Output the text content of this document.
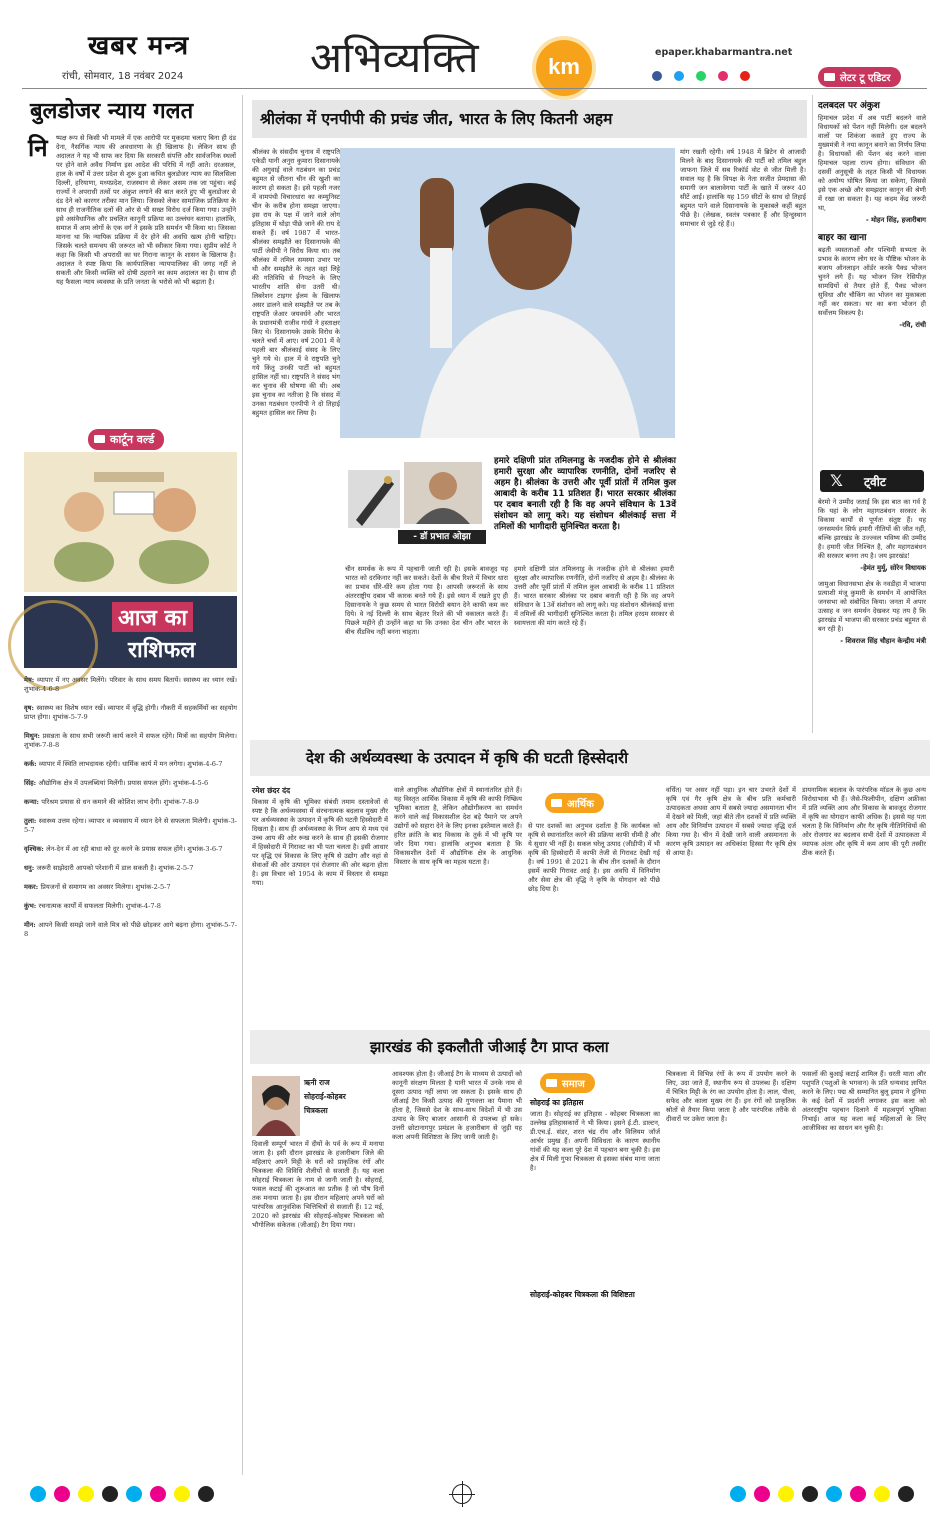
खबर मन्त्र
रांची, सोमवार, 18 नवंबर 2024	अभिव्यक्ति	km
epaper.khabarmantra.net

बुलडोजर न्याय गलत
नि ष्पक्ष रूप से किसी भी मामले में एक आरोपी पर मुकदमा चलाए बिना ही दंड देना, नैसर्गिक न्याय की अवधारणा के ही खिलाफ है। लेकिन साथ ही अदालत ने यह भी साफ कर दिया कि सरकारी संपत्ति और सार्वजनिक स्थलों पर होने वाले अवैध निर्माण इस आदेश की परिधि में नहीं आते। दरअसल, हाल के वर्षों में उत्तर प्रदेश से शुरू हुआ कथित बुलडोजर न्याय का सिलसिला दिल्ली, हरियाणा, मध्यप्रदेश, राजस्थान से लेकर असम तक जा पहुंचा। कई राज्यों ने अपराधी तत्वों पर अंकुश लगाने की बात करते हुए भी बुलडोजर से दंड देने को कारगर तरीका मान लिया। जिसको लेकर सामाजिक प्रतिक्रिया के साथ ही राजनीतिक दलों की ओर से भी सख्त विरोध दर्ज किया गया। उन्होंने इसे असंवैधानिक और प्रचलित कानूनी प्रक्रिया का उल्लंघन बताया। हालांकि, समाज में आम लोगों के एक वर्ग ने इसके प्रति समर्थन भी किया था। जिसका मानना था कि न्यायिक प्रक्रिया में देर होने की अवधि खत्म होनी चाहिए। जिसके चलते समन्वय की जरूरत को भी स्वीकार किया गया। सुप्रीम कोर्ट ने कहा कि किसी भी अपराधी का घर गिराना कानून के शासन के खिलाफ है। अदालत ने स्पष्ट किया कि कार्यपालिका न्यायपालिका की जगह नहीं ले सकती और किसी व्यक्ति को दोषी ठहराने का काम अदालत का है। साथ ही यह फैसला न्याय व्यवस्था के प्रति जनता के भरोसे को भी बढ़ाता है।
कार्टून वर्ल्ड
आज का
राशिफल
मेष: व्यापार में नए अवसर मिलेंगे। परिवार के साथ समय बितायें। स्वास्थ्य का ध्यान रखें। शुभांक-4-6-8
वृष: स्वास्थ्य का विशेष ध्यान रखें। व्यापार में वृद्धि होगी। नौकरी में सहकर्मियों का सहयोग प्राप्त होगा। शुभांक-5-7-9
मिथुन: प्रसन्नता के साथ सभी जरूरी कार्य करने में सफल रहेंगे। मित्रों का सहयोग मिलेगा। शुभांक-7-8-8
कर्क: व्यापार में स्थिति लाभदायक रहेगी। धार्मिक कार्य में मन लगेगा। शुभांक-4-6-7
सिंह: औद्योगिक क्षेत्र में उपलब्धियां मिलेंगी। प्रयास सफल होंगे। शुभांक-4-5-6
कन्या: परिश्रम प्रयास से धन कमाने की कोशिश लाभ देगी। शुभांक-7-8-9
तुला: स्वास्थ्य उत्तम रहेगा। व्यापार व व्यवसाय में ध्यान देने से सफलता मिलेगी। शुभांक-3-5-7
वृश्चिक: लेन-देन में आ रही बाधा को दूर करने के प्रयास सफल होंगे। शुभांक-3-6-7
धनु: जरूरी साझेदारी आपको परेशानी में डाल सकती है। शुभांक-2-5-7
मकर: प्रियजनों से समागम का अवसर मिलेगा। शुभांक-2-5-7
कुंभ: रचनात्मक कार्यों में सफलता मिलेगी। शुभांक-4-7-8
मीन: आपने किसी समझे जाने वाले मित्र को पीछे छोड़कर आगे बढ़ना होगा। शुभांक-5-7-8
श्रीलंका में एनपीपी की प्रचंड जीत, भारत के लिए कितनी अहम
श्रीलंका के संसदीय चुनाव में राष्ट्रपति एकेडी यानी अनुरा कुमारा दिसानायके की अगुवाई वाले गठबंधन का प्रचंड बहुमत से जीतना चीन की खुशी का कारण हो सकता है। इसे पहली नजर में वामपंथी विचारधारा का कम्युनिस्ट चीन के करीब होना समझा जाएगा। इस राय के पक्ष में जाने वाले लोग इतिहास में थोड़ा पीछे जाने की राय दे सकते हैं। वर्ष 1987 में भारत-श्रीलंका समझौते का दिसानायके की पार्टी जेवीपी ने विरोध किया था। तब श्रीलंका में तमिल समस्या उभार पर थी और समझौते के तहत वहां लिट्टे की गतिविधि से निपटने के लिए भारतीय शांति सेना उतरी थी। लिबरेशन टाइगर ईलम के खिलाफ असर डालने वाले समझौते पर तब के राष्ट्रपति जेआर जयवर्धने और भारत के प्रधानमंत्री राजीव गांधी ने हस्ताक्षर किए थे। दिसानायके उसके विरोध के चलते चर्चा में आए। वर्ष 2001 में वे पहली बार श्रीलंकाई संसद के लिए चुने गये थे। हाल में वे राष्ट्रपति चुने गये किंतु उनकी पार्टी को बहुमत हासिल नहीं था। राष्ट्रपति ने संसद भंग कर चुनाव की घोषणा की थी। अब इस चुनाव का नतीजा है कि संसद में उनका गठबंधन एनपीपी ने दो तिहाई बहुमत हासिल कर लिया है।
- डॉ प्रभात ओझा
हमारे दक्षिणी प्रांत तमिलनाडु के नजदीक होने से श्रीलंका हमारी सुरक्षा और व्यापारिक रणनीति, दोनों नजरिए से अहम है। श्रीलंका के उत्तरी और पूर्वी प्रांतों में तमिल कुल आबादी के करीब 11 प्रतिशत हैं। भारत सरकार श्रीलंका पर दबाव बनाती रही है कि वह अपने संविधान के 13वें संशोधन को लागू करे। यह संशोधन श्रीलंकाई सत्ता में तमिलों की भागीदारी सुनिश्चित करता है।
चीन समर्थक के रूप में पहचानी जाती रही है। इसके बावजूद यह भारत को दरकिनार नहीं कर सकते। देशों के बीच रिश्ते में विचार धारा का प्रभाव धीरे-धीरे कम होता गया है। आपसी जरूरतों के साथ अंतरराष्ट्रीय दबाव भी कारक बनते गये हैं। इसे ध्यान में रखते हुए ही दिसानायके ने कुछ समय से भारत विरोधी बयान देने काफी कम कर दिये। वे नई दिल्ली के साथ बेहतर रिश्ते की भी वकालत करते हैं। पिछले महीने ही उन्होंने कहा था कि उनका देश चीन और भारत के बीच सैंडविच नहीं बनना चाहता।
हमारे दक्षिणी प्रांत तमिलनाडु के नजदीक होने से श्रीलंका हमारी सुरक्षा और व्यापारिक रणनीति, दोनों नजरिए से अहम है। श्रीलंका के उत्तरी और पूर्वी प्रांतों में तमिल कुल आबादी के करीब 11 प्रतिशत हैं। भारत सरकार श्रीलंका पर दबाव बनाती रही है कि वह अपने संविधान के 13वें संशोधन को लागू करे। यह संशोधन श्रीलंकाई सत्ता में तमिलों की भागीदारी सुनिश्चित करता है। तमिल हरदम सरकार से स्वायत्तता की मांग करते रहे हैं।
मांग रखती रहेगी। वर्ष 1948 में ब्रिटेन से आजादी मिलने के बाद दिसानायके की पार्टी को तमिल बहुल जाफना जिले में सब रिकॉर्ड वोट से जीत मिली है। सवाल यह है कि विपक्ष के नेता सजीत प्रेमदासा की समागी जन बालावेगया पार्टी के खाते में जरूर 40 सीटें आईं। हालांकि यह 159 सीटों के साथ दो तिहाई बहुमत पाने वाले दिसानायके के मुकाबले कहीं बहुत पीछे है। (लेखक, स्वतंत्र पत्रकार हैं और हिन्दुस्थान समाचार से जुड़े रहे हैं।)
लेटर टू एडिटर
दलबदल पर अंकुश
हिमाचल प्रदेश में अब पार्टी बदलने वाले विधायकों को पेंशन नहीं मिलेगी। दल बदलने वालों पर शिकंजा कसते हुए राज्य के मुख्यमंत्री ने नया कानून बनाने का निर्णय लिया है। विधायकों की पेंशन बंद करने वाला हिमाचल पहला राज्य होगा। संविधान की दसवीं अनुसूची के तहत किसी भी विधायक को अयोग्य घोषित किया जा सकेगा, जिससे इसे एक अच्छे और समझदार कानून की श्रेणी में रखा जा सकता है। यह कदम केंद्र जरूरी था,
- मोहन सिंह, हजारीबाग
बाहर का खाना
बढ़ती व्यस्तताओं और पश्चिमी सभ्यता के प्रभाव के कारण लोग घर के पौष्टिक भोजन के बजाय ऑनलाइन ऑर्डर करके पैक्ड भोजन चुनने लगे हैं। यह भोजन जिन रेसिपीज़ सामग्रियों से तैयार होते हैं, पैक्ड भोजन सुविधा और चौकिंग का भोजन का मुकाबला नहीं कर सकता। घर का बना भोजन ही सर्वोत्तम विकल्प है।
-रवि, रांची
𝕏 ट्वीट
बेरमो ने उम्मीद जताई कि इस बात का गर्व है कि यहां के लोग महागठबंधन सरकार के विकास कार्यों से पूर्णतः संतुष्ट हैं। यह जनसमर्थन सिर्फ हमारी नीतियों की जीत नहीं, बल्कि झारखंड के उज्ज्वल भविष्य की उम्मीद है। हमारी जीत निश्चित है, और महागठबंधन की सरकार बनना तय है। जय झारखंड!
-हेमंत मुर्मू, सोरेन विधायक
जामुआ विधानसभा क्षेत्र के नवडीहा में भाजपा प्रत्याशी मंजू कुमारी के समर्थन में आयोजित जनसभा को संबोधित किया। जनता में अपार उत्साह व जन समर्थन देखकर यह तय है कि झारखंड में भाजपा की सरकार प्रचंड बहुमत से बन रही है।
- शिवराज सिंह चौहान केन्द्रीय मंत्री
देश की अर्थव्यवस्था के उत्पादन में कृषि की घटती हिस्सेदारी
रमेश छंदर दंद
विकास में कृषि की भूमिका संबंधी तमाम दस्तावेजों से स्पष्ट है कि अर्थव्यवस्था में संरचनात्मक बदलाव मुख्य तौर पर अर्थव्यवस्था के उत्पादन में कृषि की घटती हिस्सेदारी में दिखता है। साथ ही अर्थव्यवस्था के निम्न आय से मध्य एवं उच्च आय की ओर रूख करने के साथ ही इसकी रोजगार में हिस्सेदारी में गिरावट का भी पता चलता है। इसी आधार पर वृद्धि एवं विकास के लिए कृषि से उद्योग और वहां से सेवाओं की ओर उत्पादन एवं रोजगार की ओर बढ़ना होता है। इस विचार को 1954 के काम में विस्तार से समझा गया।
वाले आधुनिक औद्योगिक क्षेत्रों में स्थानांतरित होते हैं। यह विस्तृत आर्थिक विकास में कृषि की काफी निष्क्रिय भूमिका बताता है, लेकिन औद्योगीकरण का समर्थन करने वाले कई विकासशील देश बड़े पैमाने पर अपने उद्योगों को सहारा देने के लिए इनका इस्तेमाल करते हैं। हरित क्रांति के बाद विकास के तुर्क में भी कृषि पर जोर दिया गया। हालांकि अनुभव बताता है कि विकासशील देशों में औद्योगिक क्षेत्र के आधुनिक विस्तार के साथ कृषि का महत्व घटता है।
आर्थिक
से पार दशकों का अनुभव दर्शाता है कि कार्यबल को कृषि से स्थानांतरित करने की प्रक्रिया काफी धीमी है और ये सुधार भी नहीं है। सकल घरेलू उत्पाद (जीडीपी) में भी कृषि की हिस्सेदारी में काफी तेजी से गिरावट देखी गई है। वर्ष 1991 से 2021 के बीच तीन दशकों के दौरान इसमें काफी गिरावट आई है। इस अवधि में विनिर्माण और सेवा क्षेत्र की वृद्धि ने कृषि के योगदान को पीछे छोड़ दिया है।
वर्धित) पर असर नहीं पड़ा। इन चार उभरते देशों में कृषि एवं गैर कृषि क्षेत्र के बीच प्रति कर्मचारी उत्पादकता अथवा आय में सबसे ज्यादा असमानता चीन में देखने को मिली, जहां बीते तीन दशकों में प्रति व्यक्ति आय और विनिर्माण उत्पादन में सबसे ज्यादा वृद्धि दर्ज किया गया है। चीन में देखी जाने वाली असमानता के कारण कृषि उत्पादन का अधिकांश हिस्सा गैर कृषि क्षेत्र से आया है।
डायनामिक बदलाव के पारंपरिक मॉडल के कुछ अन्य विरोधाभास भी हैं। जैसे-फिलीपीन, दक्षिण अफ्रीका में प्रति व्यक्ति आय और विकास के बावजूद रोजगार में कृषि का योगदान काफी अधिक है। इससे यह पता चलता है कि विनिर्माण और गैर कृषि नीतिनिधियों की ओर रोजगार का बदलाव सभी देशों में उत्पादकता में व्यापक अंतर और कृषि में कम आय की पूरी तस्वीर ठीक करते हैं।
झारखंड की इकलौती जीआई टैग प्राप्त कला
ऋनी राज
सोहराई-कोहबर
चित्रकला
दिवाली सम्पूर्ण भारत में दीयों के पर्व के रूप में मनाया जाता है। इसी दौरान झारखंड के हजारीबाग जिले की महिलाएं अपने मिट्टी के घरों को प्राकृतिक रंगों और चित्रकला की विविधि शैलीयों से सजाती हैं। यह कला सोहराई चित्रकला के नाम से जानी जाती है। सोहराई, फसल कटाई की शुरूआत का प्रतीक है जो पौष दिनों तक मनाया जाता है। इस दौरान महिलाएं अपने घरों को पारंपरिक आनुवंशिक भित्तिचित्रों से सजाती हैं। 12 मई, 2020 को झारखंड की सोहराई-कोहबर चित्रकला को भौगोलिक संकेतक (जीआई) टैग दिया गया।
आवश्यक होता है। जीआई टैग के माध्यम से उत्पादों को कानूनी संरक्षण मिलता है यानी भारत में उनके नाम से दूसरा उत्पाद नहीं लाया जा सकता है। इसके साथ ही जीआई टैग किसी उत्पाद की गुणवत्ता का पैमाना भी होता है, जिससे देश के साथ-साथ विदेशों में भी उस उत्पाद के लिए बाजार आसानी से उपलब्ध हो सके। उत्तरी छोटानागपुर प्रमंडल के हजारीबाग से जुड़ी यह कला अपनी विशिष्टता के लिए जानी जाती है।
समाज
सोहराई का इतिहास
जाता है। सोहराई का इतिहास - कोहबर चित्रकला का उल्लेख इतिहासकारों ने भी किया। इसने ई.टी. डाल्टन, डी.एच.ई. संडर, शरत चंद्र रॉय और विलियम जॉर्ज आर्चर प्रमुख हैं। अपनी विविधता के कारण स्थानीय गांवों की यह कला पूरे देश में पहचान बना चुकी है। इस क्षेत्र में मिली गुफा चित्रकला से इसका संबंध माना जाता है।
सोहराई-कोहबर चित्रकला की विशिष्टता
चित्रकला में विभिन्न रंगों के रूप में उपयोग करने के लिए, उदा जाते हैं, स्थानीय रूप से उपलब्ध हैं। दक्षिण में चित्रित मिट्टी के रंग का उपयोग होता है। लाल, पीला, सफेद और काला मुख्य रंग हैं। इन रंगों को प्राकृतिक स्रोतों से तैयार किया जाता है और पारंपरिक तरीके से दीवारों पर उकेरा जाता है।
फसलों की बुआई कटाई शामिल हैं। धरती माता और पशुपति (पशुओं के भगवान) के प्रति धन्यवाद ज्ञापित करने के लिए। पद्म श्री सम्मानित बुलू इमाम ने दुनिया के कई देशों में प्रदर्शनी लगाकर इस कला को अंतरराष्ट्रीय पहचान दिलाने में महत्वपूर्ण भूमिका निभाई। आज यह कला कई महिलाओं के लिए आजीविका का साधन बन चुकी है।
